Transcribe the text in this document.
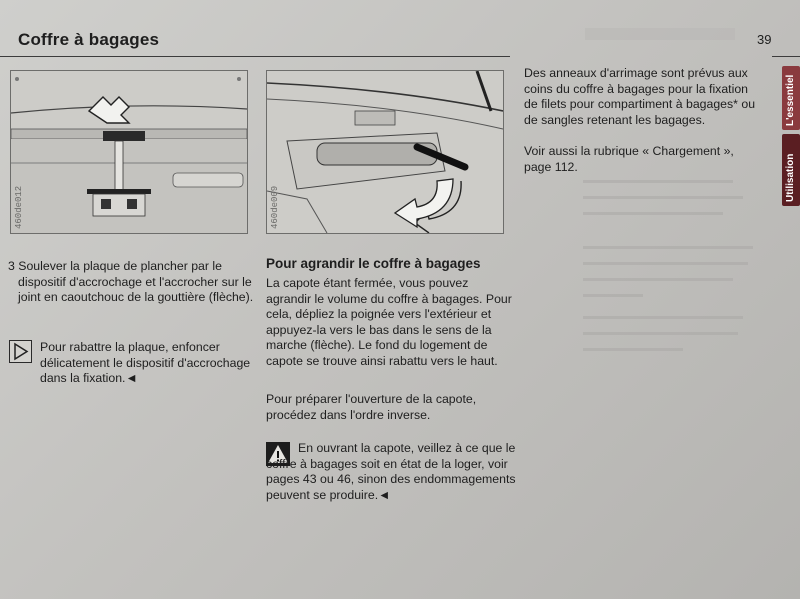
Coffre à bagages	39
460de012	460de009
3 Soulever la plaque de plancher par le dispositif d'accrochage et l'accrocher sur le joint en caoutchouc de la gouttière (flèche).
Pour rabattre la plaque, enfoncer délicatement le dispositif d'accrochage dans la fixation.◄
Pour agrandir le coffre à bagages
La capote étant fermée, vous pouvez agrandir le volume du coffre à bagages. Pour cela, dépliez la poignée vers l'extérieur et appuyez-la vers le bas dans le sens de la marche (flèche). Le fond du logement de capote se trouve ainsi rabattu vers le haut.
Pour préparer l'ouverture de la capote, procédez dans l'ordre inverse.
En ouvrant la capote, veillez à ce que le coffre à bagages soit en état de la loger, voir pages 43 ou 46, sinon des endommagements peuvent se produire.◄
Des anneaux d'arrimage sont prévus aux coins du coffre à bagages pour la fixation de filets pour compartiment à bagages* ou de sangles retenant les bagages.
Voir aussi la rubrique « Chargement », page 112.
L'essentiel
Utilisation
